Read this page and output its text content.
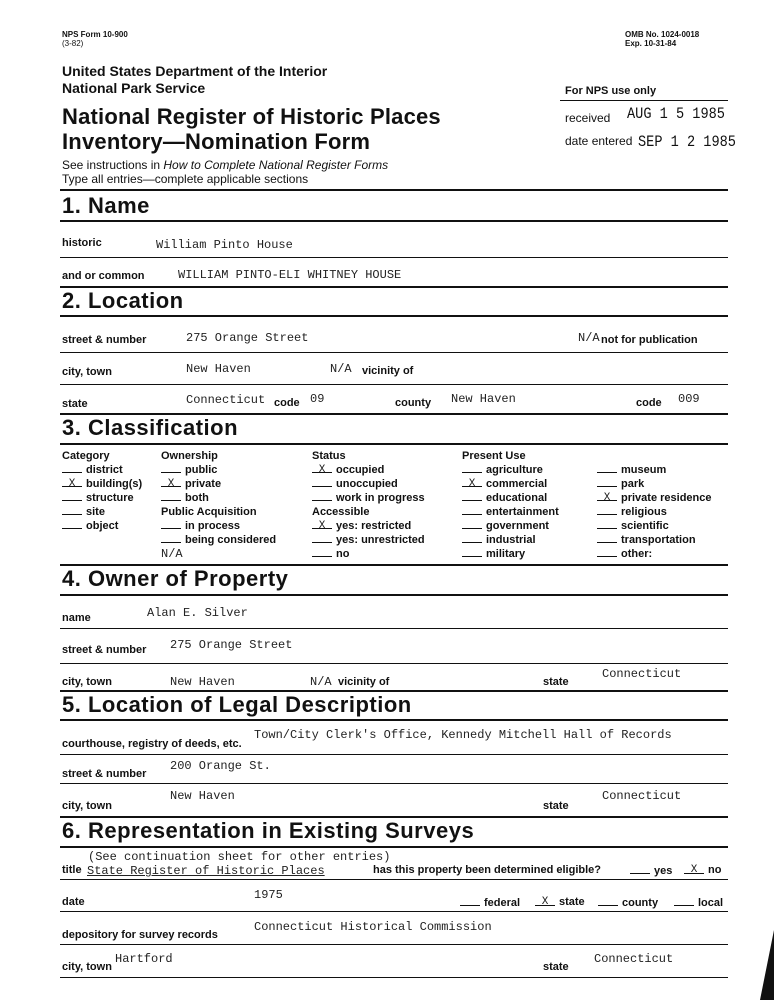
NPS Form 10-900
(3-82)
OMB No. 1024-0018
Exp. 10-31-84
United States Department of the Interior
National Park Service
National Register of Historic Places
Inventory—Nomination Form
See instructions in How to Complete National Register Forms
Type all entries—complete applicable sections
For NPS use only
received AUG 1 5 1985
date entered SEP 1 2 1985
1. Name
historic	William Pinto House
and or common	WILLIAM PINTO-ELI WHITNEY HOUSE
2. Location
street & number	275 Orange Street	N/A not for publication
city, town	New Haven	N/A vicinity of
state	Connecticut code 09	county New Haven	code 009
3. Classification
Category
district
X building(s)
structure
site
object
Ownership
public
X private
both
Public Acquisition
in process
being considered
N/A
Status
X occupied
unoccupied
work in progress
Accessible
X yes: restricted
yes: unrestricted
no
Present Use
agriculture
X commercial
educational
entertainment
government
industrial
military
museum
park
X private residence
religious
scientific
transportation
other:
4. Owner of Property
name	Alan E. Silver
street & number 275 Orange Street
city, town	New Haven	N/A vicinity of	state
Connecticut
5. Location of Legal Description
courthouse, registry of deeds, etc.
Town/City Clerk's Office, Kennedy Mitchell Hall of Records
street & number
200 Orange St.
city, town
New Haven
state
Connecticut
6. Representation in Existing Surveys
(See continuation sheet for other entries)
title State Register of Historic Places	has this property been determined eligible?	yes	X no
date	1975
federal	X state	county	local
depository for survey records
Connecticut Historical Commission
city, town
Hartford
state
Connecticut
